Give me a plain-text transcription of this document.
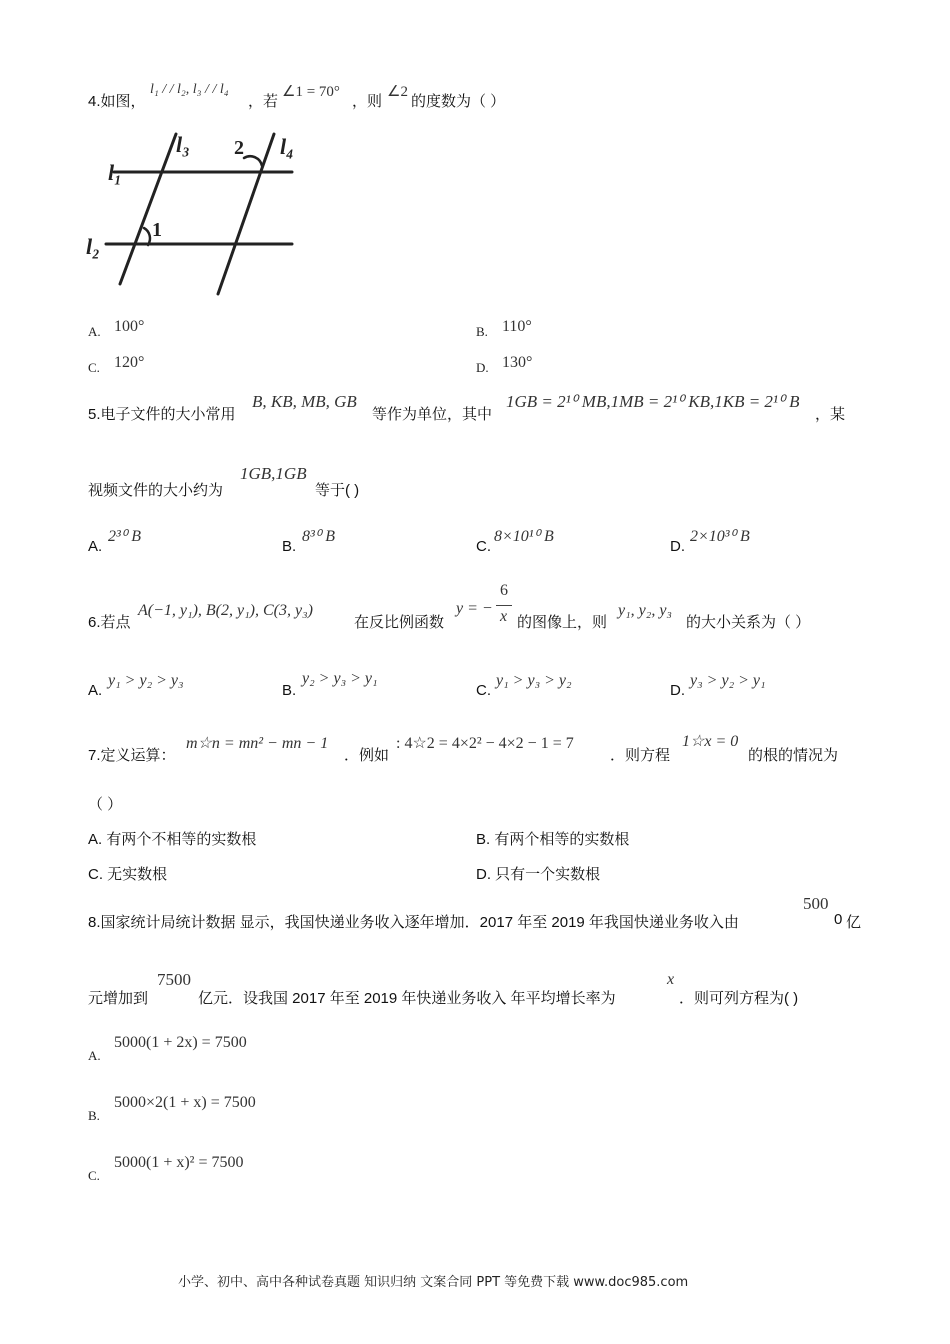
4.如图，
l₁ / / l₂, l₃ / / l₄
，若
∠1 = 70°
，则
∠2
的度数为（ ）
l₁
l₂
l₃	l₄
1
2
A. 100°	B. 110°
C. 120°	D. 130°
5.电子文件的大小常用
B, KB, MB, GB
等作为单位，其中
1GB = 2¹⁰ MB,1MB = 2¹⁰ KB,1KB = 2¹⁰ B
，某
视频文件的大小约为
1GB,1GB
等于( )
A.
2³⁰ B
B.
8³⁰ B
C.
8×10¹⁰ B
D.
2×10³⁰ B
6.若点
A(−1, y₁), B(2, y₁), C(3, y₃)
在反比例函数
y = −
6
x 的图像上，则
y₁, y₂, y₃
的大小关系为（ ）
A.
y₁ > y₂ > y₃
B.
y₂ > y₃ > y₁
C.
y₁ > y₃ > y₂
D.
y₃ > y₂ > y₁
7.定义运算：
m☆n = mn² − mn − 1
．例如
: 4☆2 = 4×2² − 4×2 − 1 = 7
．则方程
1☆x = 0
的根的情况为
（ ）
A. 有两个不相等的实数根	B. 有两个相等的实数根
C. 无实数根	D. 只有一个实数根
8.国家统计局统计数据 显示，我国快递业务收入逐年增加．2017 年至 2019 年我国快递业务收入由
500
0 亿
元增加到
7500
亿元．设我国 2017 年至 2019 年快递业务收入 年平均增长率为
x
．则可列方程为( )
A.
5000(1 + 2x) = 7500
B.
5000×2(1 + x) = 7500
C.
5000(1 + x)² = 7500
小学、初中、高中各种试卷真题 知识归纳 文案合同 PPT 等免费下载 www.doc985.com
